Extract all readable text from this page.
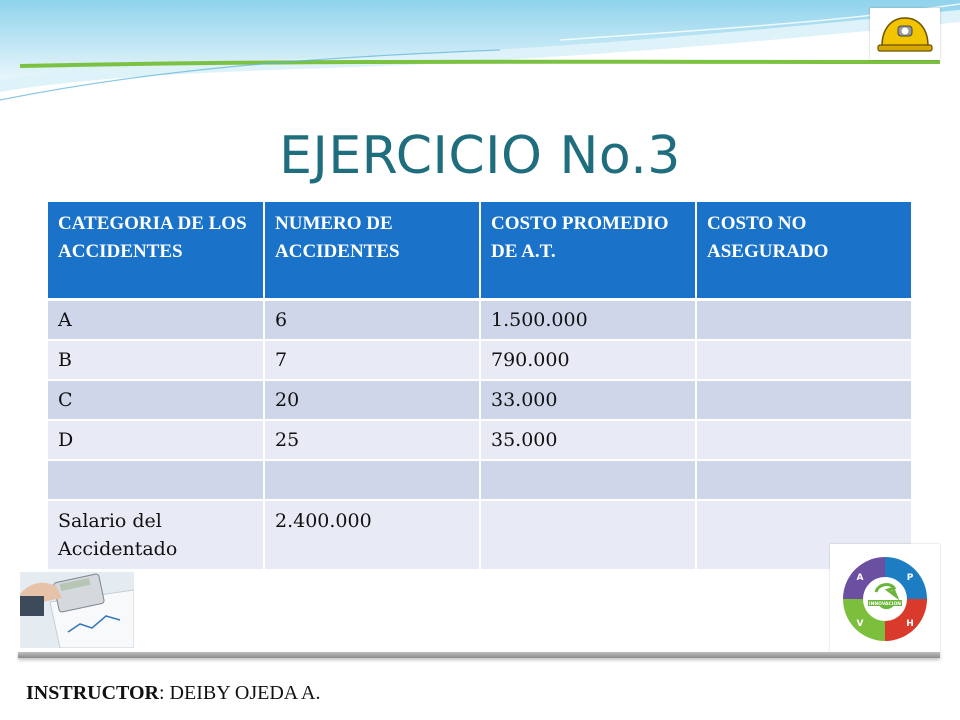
EJERCICIO No.3
CATEGORIA DE LOS ACCIDENTES	NUMERO DE ACCIDENTES	COSTO PROMEDIO DE A.T.	COSTO NO ASEGURADO
A	6	1.500.000	
B	7	790.000	
C	20	33.000	
D	25	35.000	

Salario del Accidentado	2.400.000		
INNOVACION
A	P
V	H
INSTRUCTOR: DEIBY OJEDA A.
